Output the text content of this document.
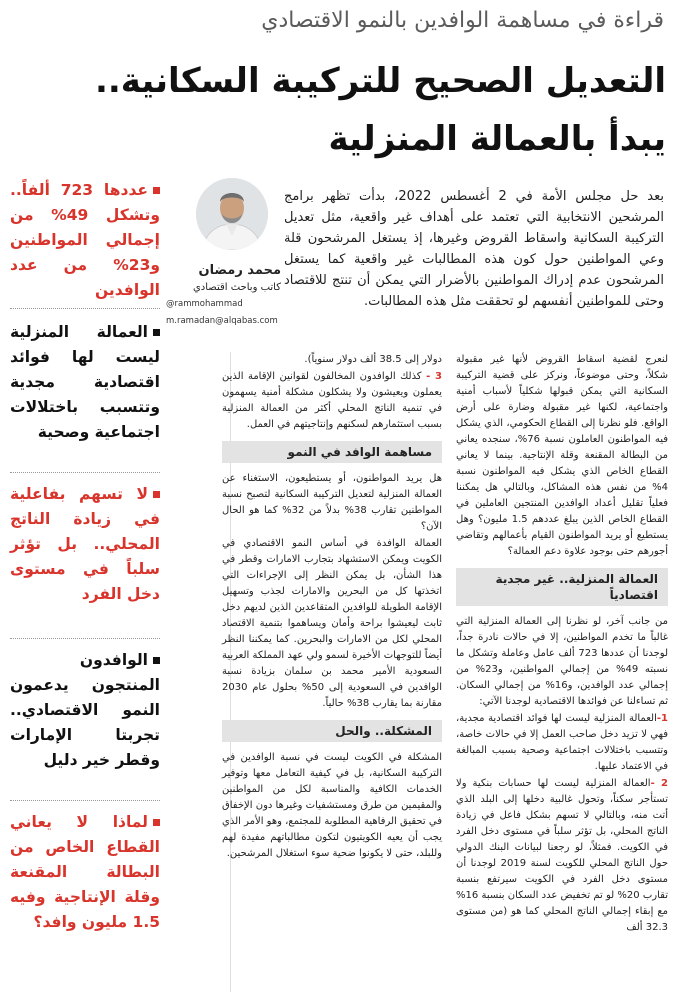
قراءة في مساهمة الوافدين بالنمو الاقتصادي
التعديل الصحيح للتركيبة السكانية..
يبدأ بالعمالة المنزلية
عددها 723 ألفاً.. وتشكل 49% من إجمالي المواطنين و23% من عدد الوافدين
العمالة المنزلية ليست لها فوائد اقتصادية مجدية وتتسبب باختلالات اجتماعية وصحية
لا تسهم بفاعلية في زيادة الناتج المحلي.. بل تؤثر سلباً في مستوى دخل الفرد
الوافدون المنتجون يدعمون النمو الاقتصادي.. تجربتا الإمارات وقطر خير دليل
لماذا لا يعاني القطاع الخاص من البطالة المقنعة وقلة الإنتاجية وفيه 1.5 مليون وافد؟
محمد رمضان
كاتب وباحث اقتصادي
@rammohammad
m.ramadan@alqabas.com
بعد حل مجلس الأمة في 2 أغسطس 2022، بدأت تظهر برامج المرشحين الانتخابية التي تعتمد على أهداف غير واقعية، مثل تعديل التركيبة السكانية واسقاط القروض وغيرها، إذ يستغل المرشحون قلة وعي المواطنين حول كون هذه المطالبات غير واقعية كما يستغل المرشحون عدم إدراك المواطنين بالأضرار التي يمكن أن تنتج للاقتصاد وحتى للمواطنين أنفسهم لو تحققت مثل هذه المطالبات.

لنعرج لقضية اسقاط القروض لأنها غير مقبولة شكلاً، وحتى موضوعاً، ونركز على قضية التركيبة السكانية التي يمكن قبولها شكلياً لأسباب أمنية واجتماعية، لكنها غير مقبولة وضارة على أرض الواقع. فلو نظرنا إلى القطاع الحكومي، الذي يشكل فيه المواطنون العاملون نسبة 76%، سنجده يعاني من البطالة المقنعة وقلة الإنتاجية. بينما لا يعاني القطاع الخاص الذي يشكل فيه المواطنون نسبة 4% من نفس هذه المشاكل، وبالتالي هل يمكننا فعلياً تقليل أعداد الوافدين المنتجين العاملين في القطاع الخاص الذين يبلغ عددهم 1.5 مليون؟ وهل يستطيع أو يريد المواطنون القيام بأعمالهم وتقاضي أجورهم حتى بوجود علاوة دعم العمالة؟

العمالة المنزلية.. غير مجدية اقتصادياً

من جانب آخر، لو نظرنا إلى العمالة المنزلية التي غالباً ما تخدم المواطنين، إلا في حالات نادرة جداً، لوجدنا أن عددها 723 ألف عامل وعاملة وتشكل ما نسبته 49% من إجمالي المواطنين، و23% من إجمالي عدد الوافدين، و16% من إجمالي السكان. ثم تساءلنا عن فوائدها الاقتصادية لوجدنا الآتي:

1-العمالة المنزلية ليست لها فوائد اقتصادية مجدية، فهي لا تزيد دخل صاحب العمل إلا في حالات خاصة، وتتسبب باختلالات اجتماعية وصحية بسبب المبالغة في الاعتماد عليها.

2 -العمالة المنزلية ليست لها حسابات بنكية ولا تستأجر سكناً، وتحول غالبية دخلها إلى البلد الذي أتت منه، وبالتالي لا تسهم بشكل فاعل في زيادة الناتج المحلي، بل تؤثر سلباً في مستوى دخل الفرد في الكويت. فمثلاً، لو رجعنا لبيانات البنك الدولي حول الناتج المحلي للكويت لسنة 2019 لوجدنا أن مستوى دخل الفرد في الكويت سيرتفع بنسبة تقارب 20% لو تم تخفيض عدد السكان بنسبة 16% مع إبقاء إجمالي الناتج المحلي كما هو (من مستوى 32.3 ألف

دولار إلى 38.5 ألف دولار سنوياً).

3 - كذلك الوافدون المخالفون لقوانين الإقامة الذين يعملون ويعيشون ولا يشكلون مشكلة أمنية يسهمون في تنمية الناتج المحلي أكثر من العمالة المنزلية بسبب استثمارهم لسكنهم وإنتاجيتهم في العمل.

مساهمة الوافد في النمو

هل يريد المواطنون، أو يستطيعون، الاستغناء عن العمالة المنزلية لتعديل التركيبة السكانية لتصبح نسبة المواطنين تقارب 38% بدلاً من 32% كما هو الحال الآن؟

العمالة الوافدة في أساس النمو الاقتصادي في الكويت ويمكن الاستشهاد بتجارب الامارات وقطر في هذا الشأن، بل يمكن النظر إلى الإجراءات التي اتخذتها كل من البحرين والامارات لجذب وتسهيل الإقامة الطويلة للوافدين المتقاعدين الذين لديهم دخل ثابت ليعيشوا براحة وأمان ويساهموا بتنمية الاقتصاد المحلي لكل من الامارات والبحرين. كما يمكننا النظر أيضاً للتوجهات الأخيرة لسمو ولي عهد المملكة العربية السعودية الأمير محمد بن سلمان بزيادة نسبة الوافدين في السعودية إلى 50% بحلول عام 2030 مقارنة بما يقارب 38% حالياً.

المشكلة.. والحل

المشكلة في الكويت ليست في نسبة الوافدين في التركيبة السكانية، بل في كيفية التعامل معها وتوفير الخدمات الكافية والمناسبة لكل من المواطنين والمقيمين من طرق ومستشفيات وغيرها دون الإخفاق في تحقيق الرفاهية المطلوبة للمجتمع، وهو الأمر الذي يجب أن يعيه الكويتيون لتكون مطالباتهم مفيدة لهم وللبلد، حتى لا يكونوا ضحية سوء استغلال المرشحين.
